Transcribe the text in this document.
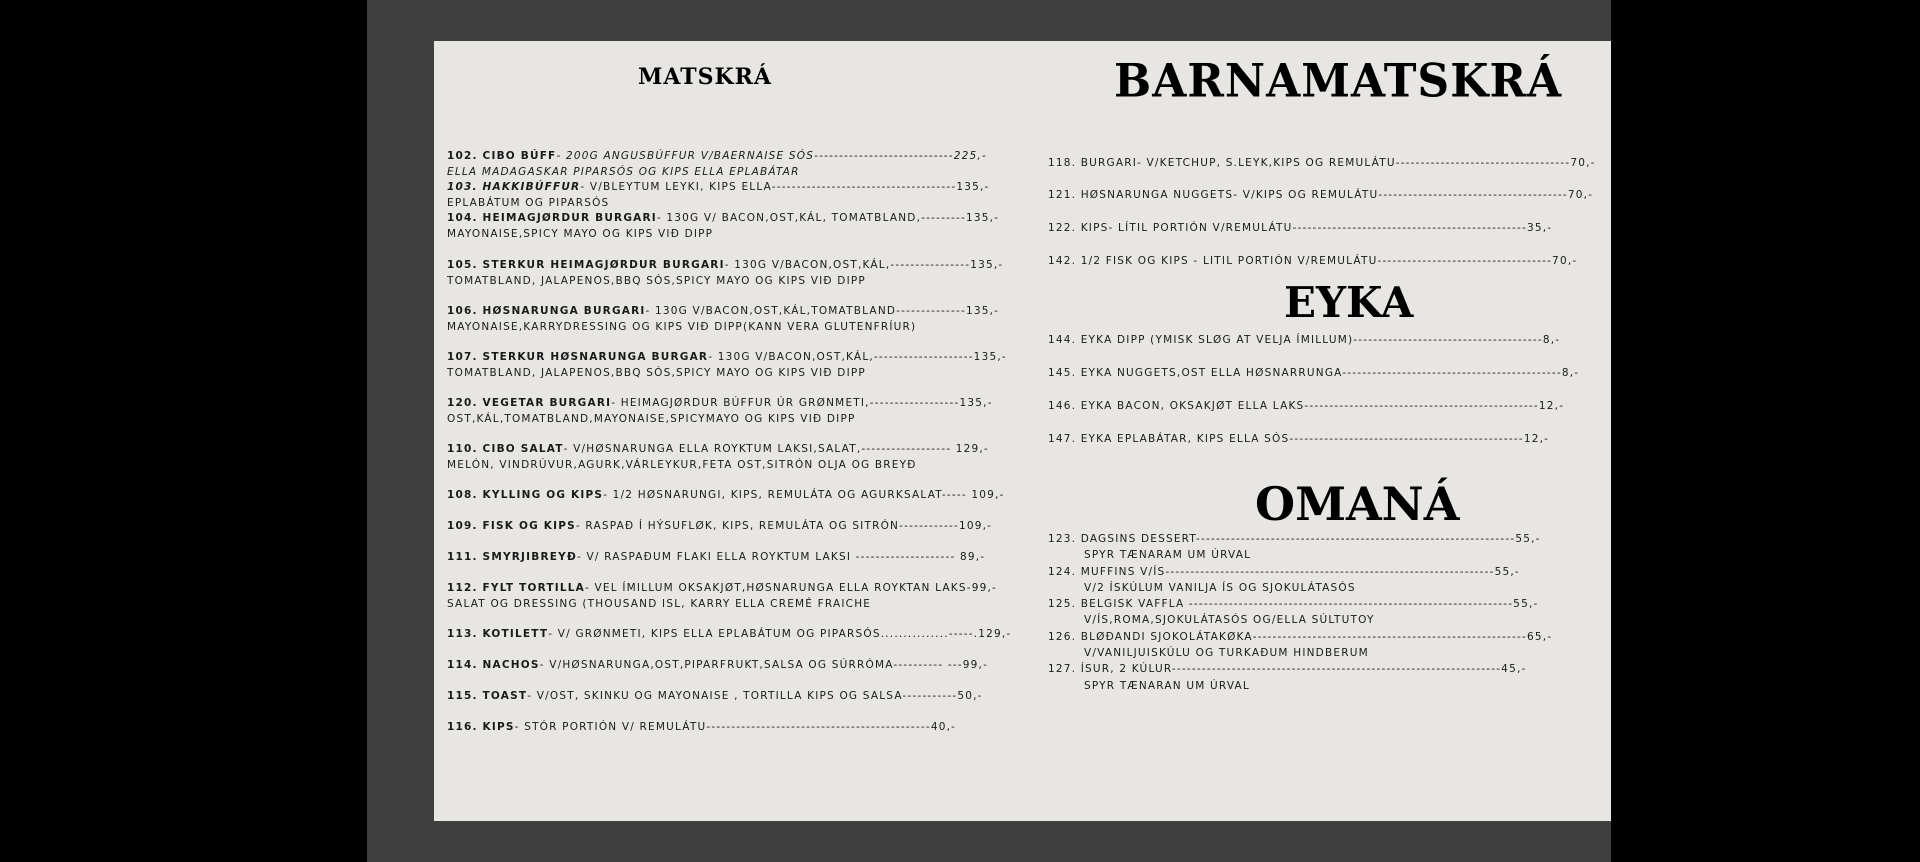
MATSKRÁ	BARNAMATSKRÁ
EYKA
OMANÁ
102. CIBO BÚFF- 200G ANGUSBÚFFUR V/BAERNAISE SÓS----------------------------225,-
ELLA MADAGASKAR PIPARSÓS OG KIPS ELLA EPLABÁTAR
103. HAKKIBÚFFUR- V/BLEYTUM LEYKI, KIPS ELLA-------------------------------------135,-
EPLABÁTUM OG PIPARSÓS
104. HEIMAGJØRDUR BURGARI- 130G V/ BACON,OST,KÁL, TOMATBLAND,---------135,-
MAYONAISE,SPICY MAYO OG KIPS VIÐ DIPP
105. STERKUR HEIMAGJØRDUR BURGARI- 130G V/BACON,OST,KÁL,----------------135,-
TOMATBLAND, JALAPENOS,BBQ SÓS,SPICY MAYO OG KIPS VIÐ DIPP
106. HØSNARUNGA BURGARI- 130G V/BACON,OST,KÁL,TOMATBLAND--------------135,-
MAYONAISE,KARRYDRESSING OG KIPS VIÐ DIPP(KANN VERA GLUTENFRÍUR)
107. STERKUR HØSNARUNGA BURGAR- 130G V/BACON,OST,KÁL,--------------------135,-
TOMATBLAND, JALAPENOS,BBQ SÓS,SPICY MAYO OG KIPS VIÐ DIPP
120. VEGETAR BURGARI- HEIMAGJØRDUR BÚFFUR ÚR GRØNMETI,------------------135,-
OST,KÁL,TOMATBLAND,MAYONAISE,SPICYMAYO OG KIPS VIÐ DIPP
110. CIBO SALAT- V/HØSNARUNGA ELLA ROYKTUM LAKSI,SALAT,------------------ 129,-
MELÓN, VINDRÚVUR,AGURK,VÁRLEYKUR,FETA OST,SITRÓN OLJA OG BREYÐ
108. KYLLING OG KIPS- 1/2 HØSNARUNGI, KIPS, REMULÁTA OG AGURKSALAT----- 109,-
109. FISK OG KIPS- RASPAÐ Í HÝSUFLØK, KIPS, REMULÁTA OG SITRÓN------------109,-
111. SMYRJIBREYÐ- V/ RASPAÐUM FLAKI ELLA ROYKTUM LAKSI -------------------- 89,-
112. FYLT TORTILLA- VEL ÍMILLUM OKSAKJØT,HØSNARUNGA ELLA ROYKTAN LAKS-99,-
SALAT OG DRESSING (THOUSAND ISL, KARRY ELLA CREMÉ FRAICHE
113. KOTILETT- V/ GRØNMETI, KIPS ELLA EPLABÁTUM OG PIPARSÓS...............-----.129,-
114. NACHOS- V/HØSNARUNGA,OST,PIPARFRUKT,SALSA OG SÚRRÓMA---------- ---99,-
115. TOAST- V/OST, SKINKU OG MAYONAISE , TORTILLA KIPS OG SALSA-----------50,-
116. KIPS- STÓR PORTIÓN V/ REMULÁTU---------------------------------------------40,-
118. BURGARI- V/KETCHUP, S.LEYK,KIPS OG REMULÁTU-----------------------------------70,-
121. HØSNARUNGA NUGGETS- V/KIPS OG REMULÁTU--------------------------------------70,-
122. KIPS- LÍTIL PORTIÓN V/REMULÁTU-----------------------------------------------35,-
142. 1/2 FISK OG KIPS - LITIL PORTIÓN V/REMULÁTU-----------------------------------70,-
144. EYKA DIPP (YMISK SLØG AT VELJA ÍMILLUM)--------------------------------------8,-
145. EYKA NUGGETS,OST ELLA HØSNARRUNGA--------------------------------------------8,-
146. EYKA BACON, OKSAKJØT ELLA LAKS-----------------------------------------------12,-
147. EYKA EPLABÁTAR, KIPS ELLA SÓS-----------------------------------------------12,-
123. DAGSINS DESSERT----------------------------------------------------------------55,-
SPYR TÆNARAM UM ÚRVAL
124. MUFFINS V/ÍS------------------------------------------------------------------55,-
V/2 ÍSKÚLUM VANILJA ÍS OG SJOKULÁTASÓS
125. BELGISK VAFFLA -----------------------------------------------------------------55,-
V/ÍS,ROMA,SJOKULÁTASÓS OG/ELLA SÚLTUTOY
126. BLØÐANDI SJOKOLÁTAKØKA-------------------------------------------------------65,-
V/VANILJUISKÚLU OG TURKAÐUM HINDBERUM
127. ÍSUR, 2 KÚLUR------------------------------------------------------------------45,-
SPYR TÆNARAN UM ÚRVAL
